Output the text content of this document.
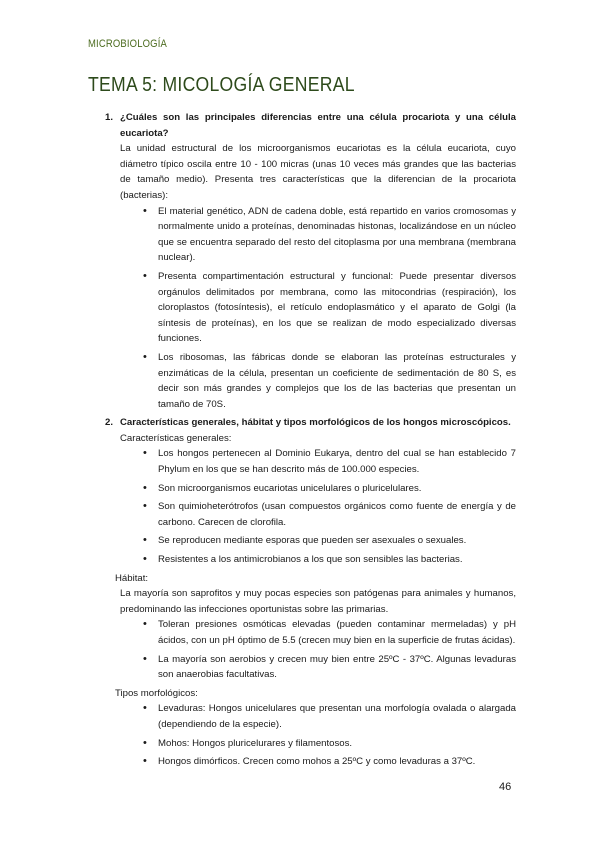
MICROBIOLOGÍA
TEMA 5: MICOLOGÍA GENERAL
1. ¿Cuáles son las principales diferencias entre una célula procariota y una célula eucariota?
La unidad estructural de los microorganismos eucariotas es la célula eucariota, cuyo diámetro típico oscila entre 10 - 100 micras (unas 10 veces más grandes que las bacterias de tamaño medio). Presenta tres características que la diferencian de la procariota (bacterias):
• El material genético, ADN de cadena doble, está repartido en varios cromosomas y normalmente unido a proteínas, denominadas histonas, localizándose en un núcleo que se encuentra separado del resto del citoplasma por una membrana (membrana nuclear).
• Presenta compartimentación estructural y funcional: Puede presentar diversos orgánulos delimitados por membrana, como las mitocondrias (respiración), los cloroplastos (fotosíntesis), el retículo endoplasmático y el aparato de Golgi (la síntesis de proteínas), en los que se realizan de modo especializado diversas funciones.
• Los ribosomas, las fábricas donde se elaboran las proteínas estructurales y enzimáticas de la célula, presentan un coeficiente de sedimentación de 80 S, es decir son más grandes y complejos que los de las bacterias que presentan un tamaño de 70S.
2. Características generales, hábitat y tipos morfológicos de los hongos microscópicos.
Características generales:
• Los hongos pertenecen al Dominio Eukarya, dentro del cual se han establecido 7 Phylum en los que se han descrito más de 100.000 especies.
• Son microorganismos eucariotas unicelulares o pluricelulares.
• Son quimioheterótrofos (usan compuestos orgánicos como fuente de energía y de carbono. Carecen de clorofila.
• Se reproducen mediante esporas que pueden ser asexuales o sexuales.
• Resistentes a los antimicrobianos a los que son sensibles las bacterias.
Hábitat:
La mayoría son saprofitos y muy pocas especies son patógenas para animales y humanos, predominando las infecciones oportunistas sobre las primarias.
• Toleran presiones osmóticas elevadas (pueden contaminar mermeladas) y pH ácidos, con un pH óptimo de 5.5 (crecen muy bien en la superficie de frutas ácidas).
• La mayoría son aerobios y crecen muy bien entre 25ºC - 37ºC. Algunas levaduras son anaerobias facultativas.
Tipos morfológicos:
• Levaduras: Hongos unicelulares que presentan una morfología ovalada o alargada (dependiendo de la especie).
• Mohos: Hongos pluricelurares y filamentosos.
• Hongos dimórficos. Crecen como mohos a 25ºC y como levaduras a 37ºC.
46
